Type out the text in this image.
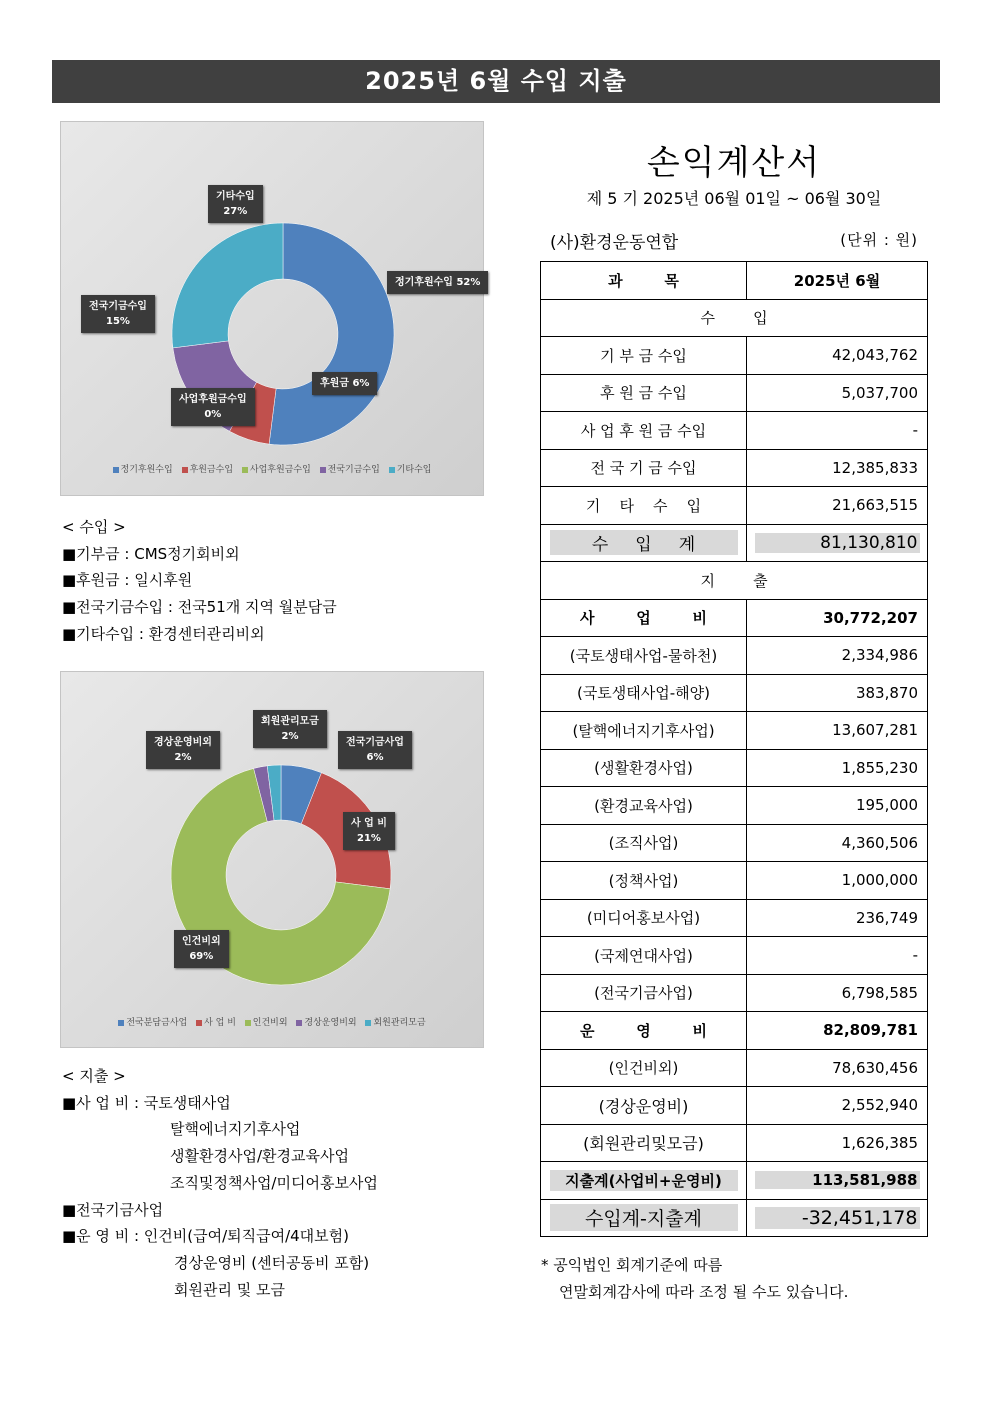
2025년 6월 수입 지출
기타수입
27%
정기후원수입 52%
전국기금수입
15%
후원금 6%
사업후원금수입
0%
정기후원수입 후원금수입 사업후원금수입 전국기금수입 기타수입
< 수입 >
■기부금 : CMS정기회비외
■후원금 : 일시후원
■전국기금수입 : 전국51개 지역 월분담금
■기타수입 : 환경센터관리비외
회원관리모금
2%
경상운영비외
2%
전국기금사업
6%
사 업 비
21%
인건비외
69%
전국분담금사업 사 업 비 인건비외 경상운영비외 회원관리모금
< 지출 >
■사 업 비 : 국토생태사업
탈핵에너지기후사업
생활환경사업/환경교육사업
조직및정책사업/미디어홍보사업
■전국기금사업
■운 영 비 : 인건비(급여/퇴직급여/4대보험)
경상운영비 (센터공동비 포함)
회원관리 및 모금
손익계산서
제 5 기 2025년 06월 01일 ~ 06월 30일
(사)환경운동연합	(단위 : 원)
과        목	2025년 6월
수        입	
기 부 금 수입	42,043,762
후 원 금 수입	5,037,700
사 업 후 원 금 수입	-
전 국 기 금 수입	12,385,833
기    타    수    입	21,663,515
수     입     계	81,130,810
지        출	
사        업        비	30,772,207
(국토생태사업-물하천)	2,334,986
(국토생태사업-해양)	383,870
(탈핵에너지기후사업)	13,607,281
(생활환경사업)	1,855,230
(환경교육사업)	195,000
(조직사업)	4,360,506
(정책사업)	1,000,000
(미디어홍보사업)	236,749
(국제연대사업)	-
(전국기금사업)	6,798,585
운        영        비	82,809,781
(인건비외)	78,630,456
(경상운영비)	2,552,940
(회원관리및모금)	1,626,385
지출계(사업비+운영비)	113,581,988
수입계-지출계	-32,451,178
* 공익법인 회계기준에 따름
연말회계감사에 따라 조정 될 수도 있습니다.
